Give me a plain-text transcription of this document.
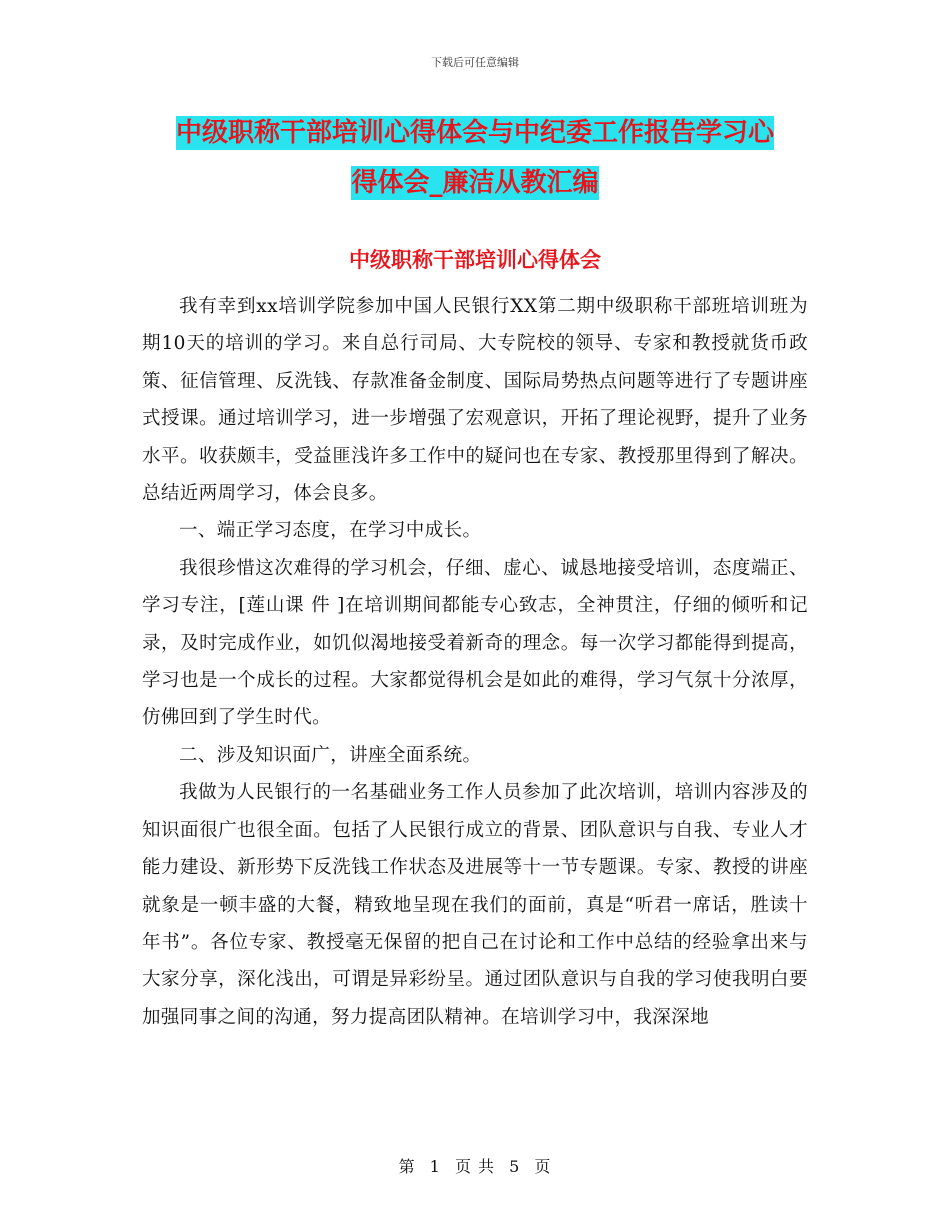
下载后可任意编辑
中级职称干部培训心得体会与中纪委工作报告学习心
得体会_廉洁从教汇编
中级职称干部培训心得体会

我有幸到xx培训学院参加中国人民银行XX第二期中级职称干部班培训班为期10天的培训的学习。来自总行司局、大专院校的领导、专家和教授就货币政策、征信管理、反洗钱、存款准备金制度、国际局势热点问题等进行了专题讲座式授课。通过培训学习，进一步增强了宏观意识，开拓了理论视野，提升了业务水平。收获颇丰，受益匪浅许多工作中的疑问也在专家、教授那里得到了解决。总结近两周学习，体会良多。

一、端正学习态度，在学习中成长。

我很珍惜这次难得的学习机会，仔细、虚心、诚恳地接受培训，态度端正、学习专注，[莲山课 件 ]在培训期间都能专心致志，全神贯注，仔细的倾听和记录，及时完成作业，如饥似渴地接受着新奇的理念。每一次学习都能得到提高，学习也是一个成长的过程。大家都觉得机会是如此的难得，学习气氛十分浓厚，仿佛回到了学生时代。

二、涉及知识面广，讲座全面系统。

我做为人民银行的一名基础业务工作人员参加了此次培训，培训内容涉及的知识面很广也很全面。包括了人民银行成立的背景、团队意识与自我、专业人才能力建设、新形势下反洗钱工作状态及进展等十一节专题课。专家、教授的讲座就象是一顿丰盛的大餐，精致地呈现在我们的面前，真是“听君一席话，胜读十年书”。各位专家、教授毫无保留的把自己在讨论和工作中总结的经验拿出来与大家分享，深化浅出，可谓是异彩纷呈。通过团队意识与自我的学习使我明白要加强同事之间的沟通，努力提高团队精神。在培训学习中，我深深地

第 1 页 共 5 页
